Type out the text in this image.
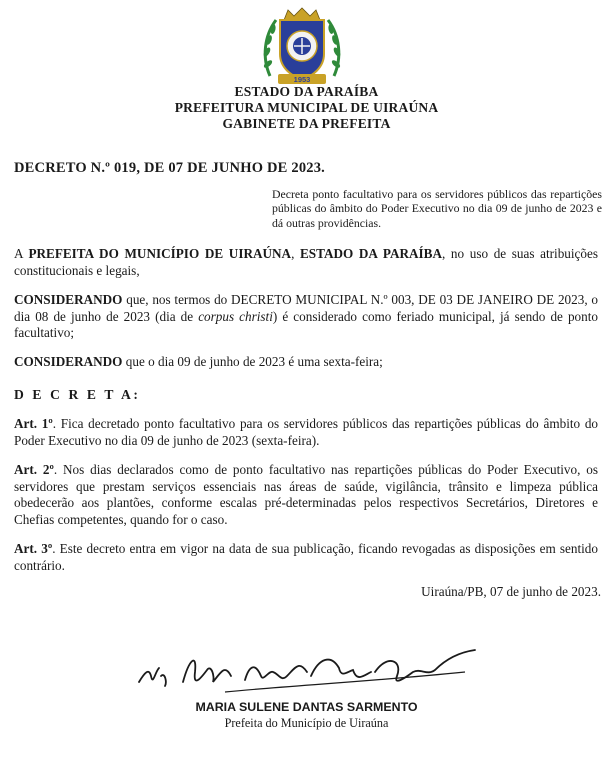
1953
ESTADO DA PARAÍBA
PREFEITURA MUNICIPAL DE UIRAÚNA
GABINETE DA PREFEITA
DECRETO N.º 019, DE 07 DE JUNHO DE 2023.
Decreta ponto facultativo para os servidores públicos das repartições públicas do âmbito do Poder Executivo no dia 09 de junho de 2023 e dá outras providências.
A PREFEITA DO MUNICÍPIO DE UIRAÚNA, ESTADO DA PARAÍBA, no uso de suas atribuições constitucionais e legais,
CONSIDERANDO que, nos termos do DECRETO MUNICIPAL N.º 003, DE 03 DE JANEIRO DE 2023, o dia 08 de junho de 2023 (dia de corpus christi) é considerado como feriado municipal, já sendo de ponto facultativo;
CONSIDERANDO que o dia 09 de junho de 2023 é uma sexta-feira;
D E C R E T A:
Art. 1º. Fica decretado ponto facultativo para os servidores públicos das repartições públicas do âmbito do Poder Executivo no dia 09 de junho de 2023 (sexta-feira).
Art. 2º. Nos dias declarados como de ponto facultativo nas repartições públicas do Poder Executivo, os servidores que prestam serviços essenciais nas áreas de saúde, vigilância, trânsito e limpeza pública obedecerão aos plantões, conforme escalas pré-determinadas pelos respectivos Secretários, Diretores e Chefias competentes, quando for o caso.
Art. 3º. Este decreto entra em vigor na data de sua publicação, ficando revogadas as disposições em sentido contrário.
Uiraúna/PB, 07 de junho de 2023.
MARIA SULENE DANTAS SARMENTO
Prefeita do Município de Uiraúna
